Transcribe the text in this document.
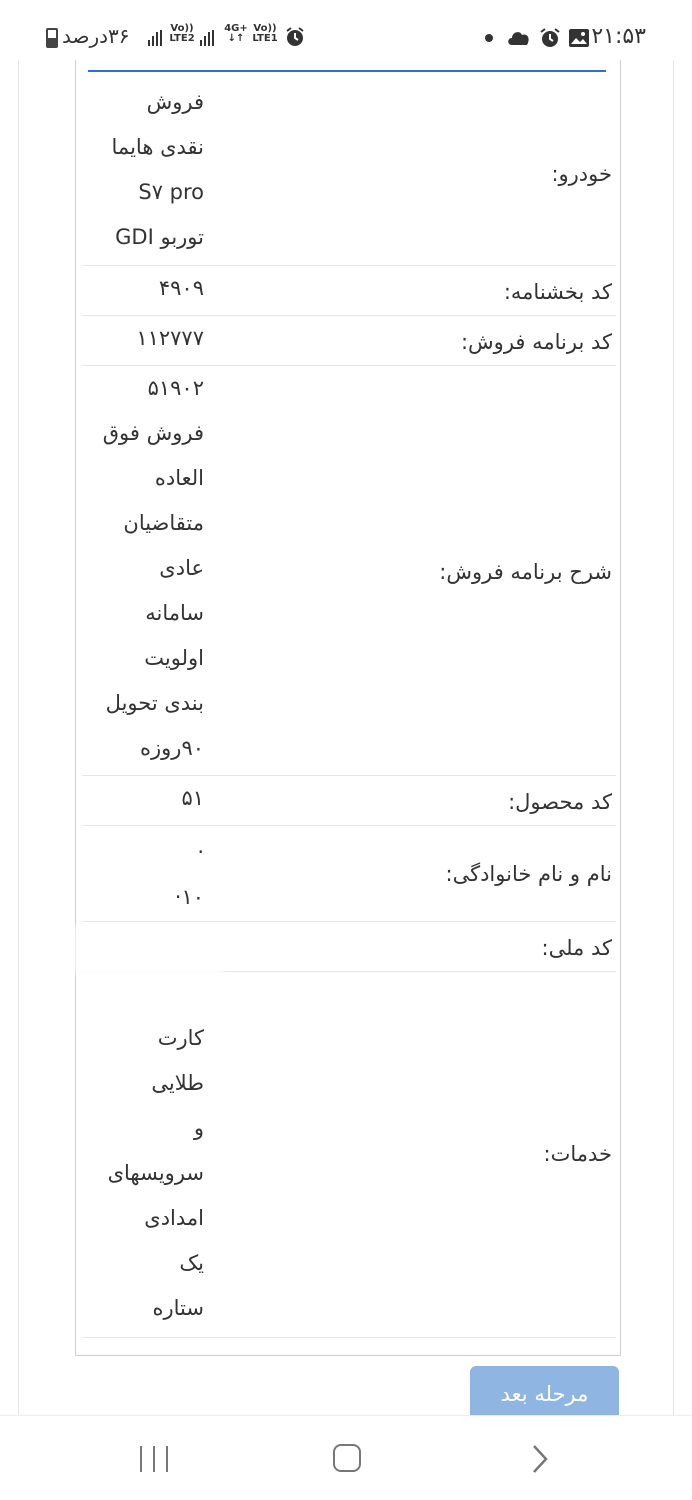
۳۶درصد	Vo)) LTE2
4G+ ↓↑
Vo)) LTE1	۲۱:۵۳
خودرو:
فروش
نقدی هایما
S۷ pro
توربو GDI
کد بخشنامه:
۴۹۰۹
کد برنامه فروش:
۱۱۲۷۷۷
شرح برنامه فروش:
۵۱۹۰۲
فروش فوق
العاده
متقاضیان
عادی
سامانه
اولویت
بندی تحویل
۹۰روزه
کد محصول:
۵۱
نام و نام خانوادگی:
·
۱۰·
کد ملی:
خدمات:
کارت
طلایی
و
سرویسهای
امدادی
یک
ستاره
مرحله بعد
